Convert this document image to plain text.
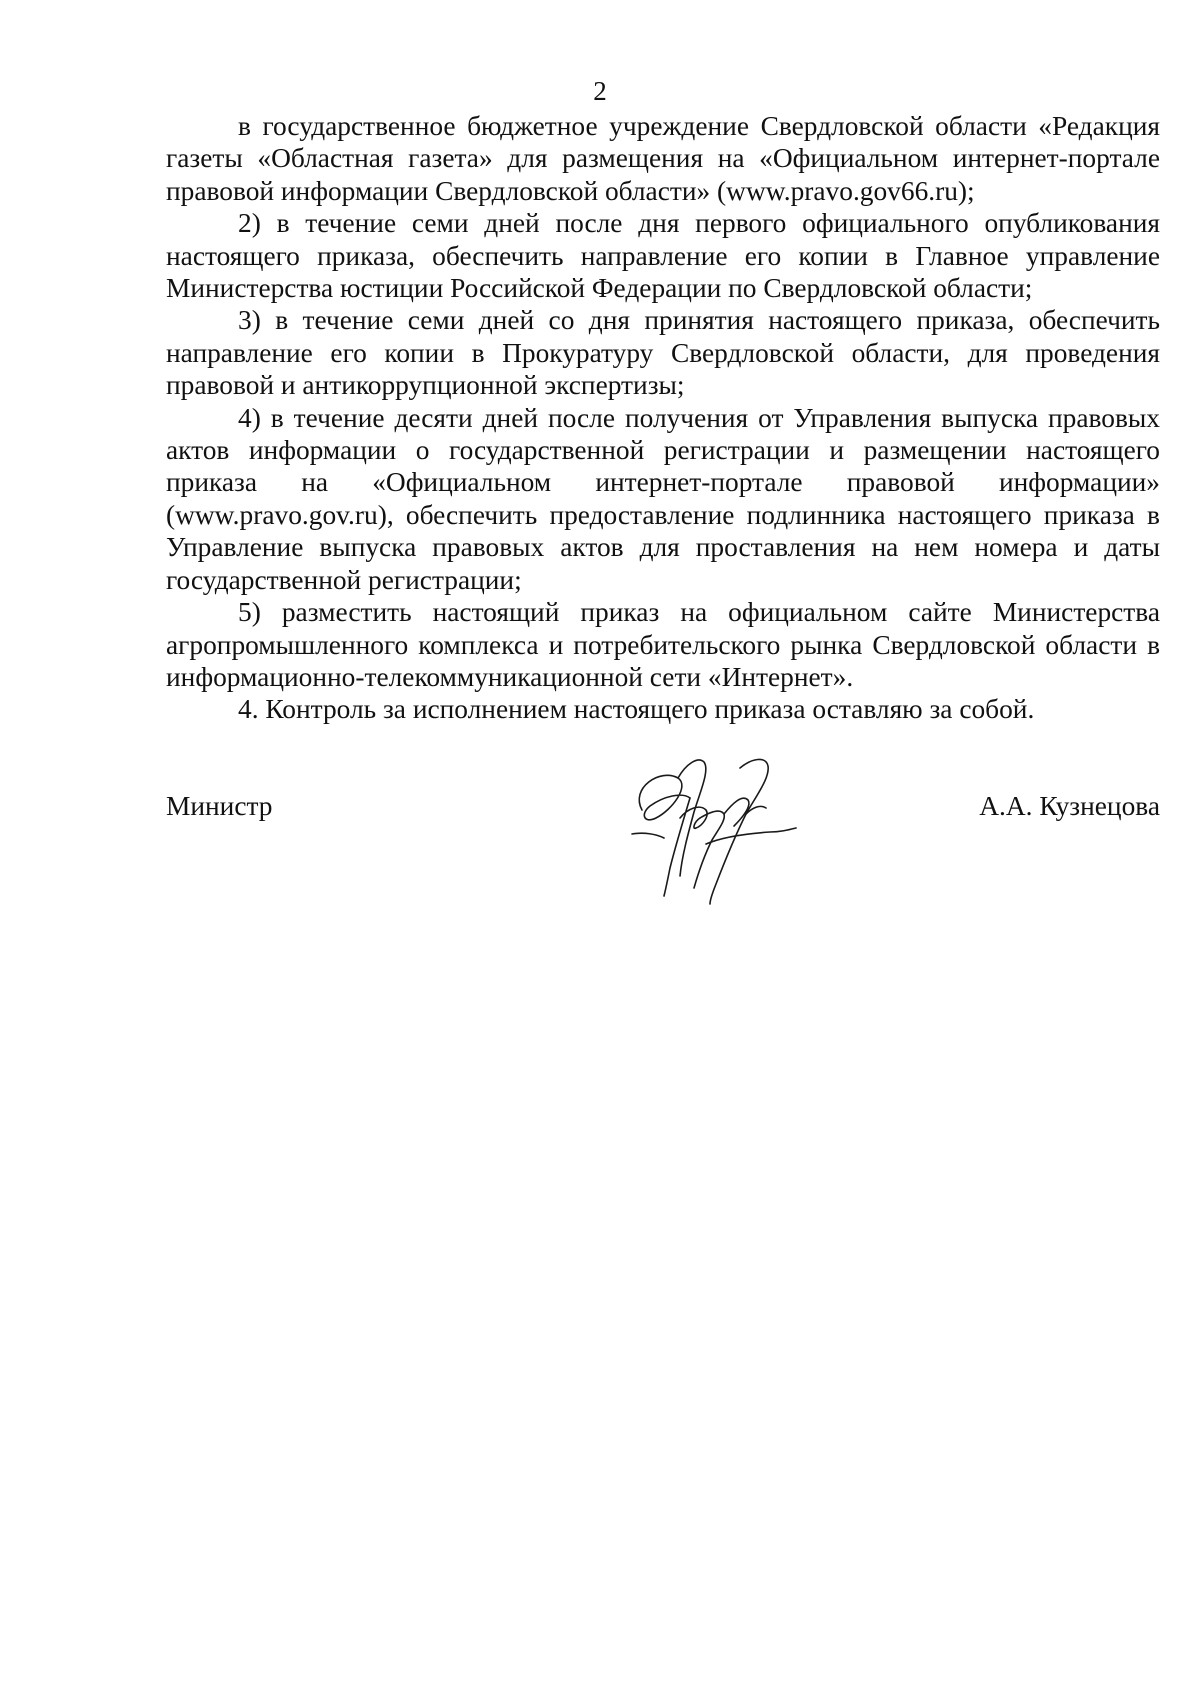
2

в государственное бюджетное учреждение Свердловской области «Редакция газеты «Областная газета» для размещения на «Официальном интернет-портале правовой информации Свердловской области» (www.pravo.gov66.ru);

2) в течение семи дней после дня первого официального опубликования настоящего приказа, обеспечить направление его копии в Главное управление Министерства юстиции Российской Федерации по Свердловской области;

3) в течение семи дней со дня принятия настоящего приказа, обеспечить направление его копии в Прокуратуру Свердловской области, для проведения правовой и антикоррупционной экспертизы;

4) в течение десяти дней после получения от Управления выпуска правовых актов информации о государственной регистрации и размещении настоящего приказа на «Официальном интернет-портале правовой информации» (www.pravo.gov.ru), обеспечить предоставление подлинника настоящего приказа в Управление выпуска правовых актов для проставления на нем номера и даты государственной регистрации;

5) разместить настоящий приказ на официальном сайте Министерства агропромышленного комплекса и потребительского рынка Свердловской области в информационно-телекоммуникационной сети «Интернет».

4. Контроль за исполнением настоящего приказа оставляю за собой.

Министр	А.А. Кузнецова
